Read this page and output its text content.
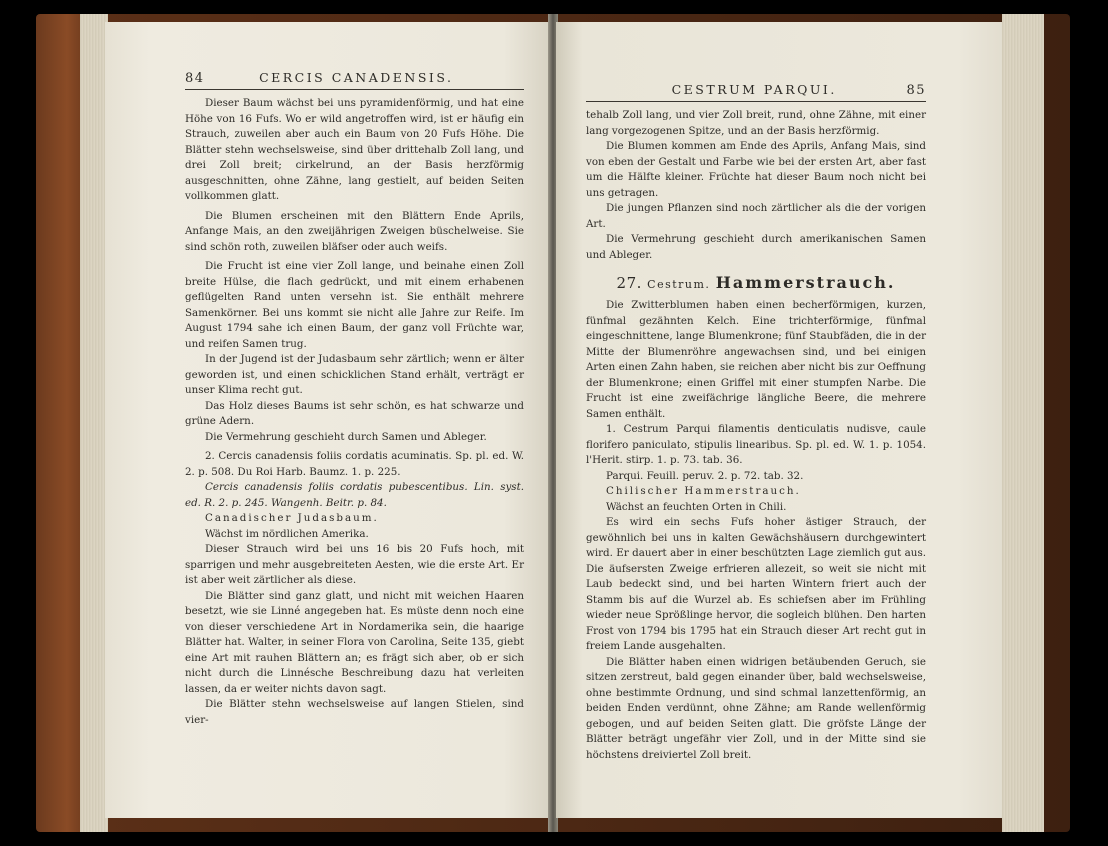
84	CERCIS CANADENSIS.

Dieser Baum wächst bei uns pyramidenförmig, und hat eine Höhe von 16 Fufs. Wo er wild angetroffen wird, ist er häufig ein Strauch, zuweilen aber auch ein Baum von 20 Fufs Höhe. Die Blätter stehn wechselsweise, sind über drittehalb Zoll lang, und drei Zoll breit; cirkelrund, an der Basis herzförmig ausgeschnitten, ohne Zähne, lang gestielt, auf beiden Seiten vollkommen glatt.

Die Blumen erscheinen mit den Blättern Ende Aprils, Anfange Mais, an den zweijährigen Zweigen büschelweise. Sie sind schön roth, zuweilen bläfser oder auch weifs.

Die Frucht ist eine vier Zoll lange, und beinahe einen Zoll breite Hülse, die flach gedrückt, und mit einem erhabenen geflügelten Rand unten versehn ist. Sie enthält mehrere Samenkörner. Bei uns kommt sie nicht alle Jahre zur Reife. Im August 1794 sahe ich einen Baum, der ganz voll Früchte war, und reifen Samen trug.

In der Jugend ist der Judasbaum sehr zärtlich; wenn er älter geworden ist, und einen schicklichen Stand erhält, verträgt er unser Klima recht gut.

Das Holz dieses Baums ist sehr schön, es hat schwarze und grüne Adern.

Die Vermehrung geschieht durch Samen und Ableger.

2. Cercis canadensis foliis cordatis acuminatis. Sp. pl. ed. W. 2. p. 508. Du Roi Harb. Baumz. 1. p. 225.

Cercis canadensis foliis cordatis pubescentibus. Lin. syst. ed. R. 2. p. 245. Wangenh. Beitr. p. 84.

Canadischer Judasbaum.

Wächst im nördlichen Amerika.

Dieser Strauch wird bei uns 16 bis 20 Fufs hoch, mit sparrigen und mehr ausgebreiteten Aesten, wie die erste Art. Er ist aber weit zärtlicher als diese.

Die Blätter sind ganz glatt, und nicht mit weichen Haaren besetzt, wie sie Linné angegeben hat. Es müste denn noch eine von dieser verschiedene Art in Nordamerika sein, die haarige Blätter hat. Walter, in seiner Flora von Carolina, Seite 135, giebt eine Art mit rauhen Blättern an; es frägt sich aber, ob er sich nicht durch die Linnésche Beschreibung dazu hat verleiten lassen, da er weiter nichts davon sagt.

Die Blätter stehn wechselsweise auf langen Stielen, sind vier-

CESTRUM PARQUI.	85

tehalb Zoll lang, und vier Zoll breit, rund, ohne Zähne, mit einer lang vorgezogenen Spitze, und an der Basis herzförmig.

Die Blumen kommen am Ende des Aprils, Anfang Mais, sind von eben der Gestalt und Farbe wie bei der ersten Art, aber fast um die Hälfte kleiner. Früchte hat dieser Baum noch nicht bei uns getragen.

Die jungen Pflanzen sind noch zärtlicher als die der vorigen Art.

Die Vermehrung geschieht durch amerikanischen Samen und Ableger.

27. Cestrum. Hammerstrauch.

Die Zwitterblumen haben einen becherförmigen, kurzen, fünfmal gezähnten Kelch. Eine trichterförmige, fünfmal eingeschnittene, lange Blumenkrone; fünf Staubfäden, die in der Mitte der Blumenröhre angewachsen sind, und bei einigen Arten einen Zahn haben, sie reichen aber nicht bis zur Oeffnung der Blumenkrone; einen Griffel mit einer stumpfen Narbe. Die Frucht ist eine zweifächrige längliche Beere, die mehrere Samen enthält.

1. Cestrum Parqui filamentis denticulatis nudisve, caule florifero paniculato, stipulis linearibus. Sp. pl. ed. W. 1. p. 1054. l'Herit. stirp. 1. p. 73. tab. 36.

Parqui. Feuill. peruv. 2. p. 72. tab. 32.

Chilischer Hammerstrauch.

Wächst an feuchten Orten in Chili.

Es wird ein sechs Fufs hoher ästiger Strauch, der gewöhnlich bei uns in kalten Gewächshäusern durchgewintert wird. Er dauert aber in einer beschützten Lage ziemlich gut aus. Die äufsersten Zweige erfrieren allezeit, so weit sie nicht mit Laub bedeckt sind, und bei harten Wintern friert auch der Stamm bis auf die Wurzel ab. Es schiefsen aber im Frühling wieder neue Sprößlinge hervor, die sogleich blühen. Den harten Frost von 1794 bis 1795 hat ein Strauch dieser Art recht gut in freiem Lande ausgehalten.

Die Blätter haben einen widrigen betäubenden Geruch, sie sitzen zerstreut, bald gegen einander über, bald wechselsweise, ohne bestimmte Ordnung, und sind schmal lanzettenförmig, an beiden Enden verdünnt, ohne Zähne; am Rande wellenförmig gebogen, und auf beiden Seiten glatt. Die gröfste Länge der Blätter beträgt ungefähr vier Zoll, und in der Mitte sind sie höchstens dreiviertel Zoll breit.
